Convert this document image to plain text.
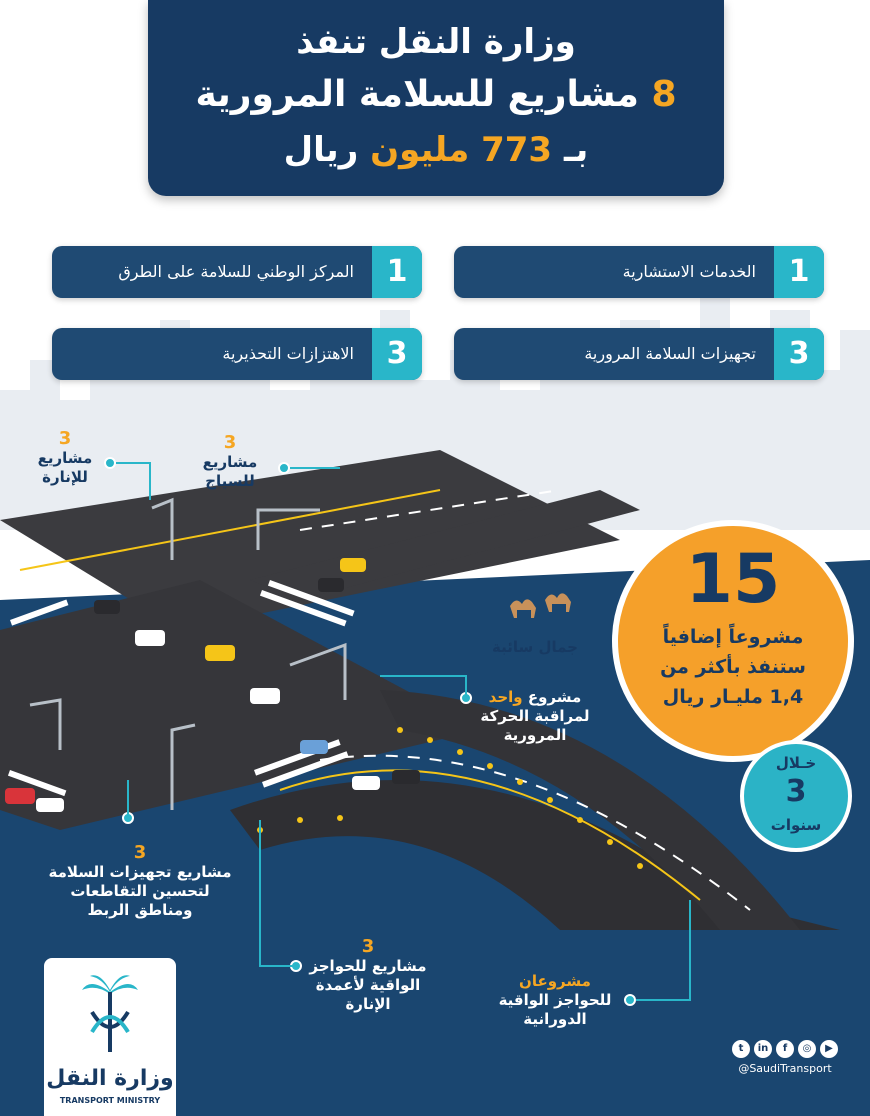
وزارة النقل تنفذ
8 مشاريع للسلامة المرورية
بـ 773 مليون ريال
1
الخدمات الاستشارية
1
المركز الوطني للسلامة على الطرق
3
تجهيزات السلامة المرورية
3
الاهتزازات التحذيرية
3
مشاريع
للإنارة
3
مشاريع
للسياج
جمال سائبة
مشروع واحد
لمراقبة الحركة
المرورية
3
مشاريع تجهيزات السلامة
لتحسين التقاطعات
ومناطق الربط
3
مشاريع للحواجز
الواقية لأعمدة
الإنارة
مشروعان
للحواجز الواقية
الدورانية
15
مشروعاً إضافياً
ستنفذ بأكثر من
1,4 مليـار ريال
خـلال
3
سنوات
وزارة النقل
TRANSPORT MINISTRY
t	in	f	◎	▶
@SaudiTransport
